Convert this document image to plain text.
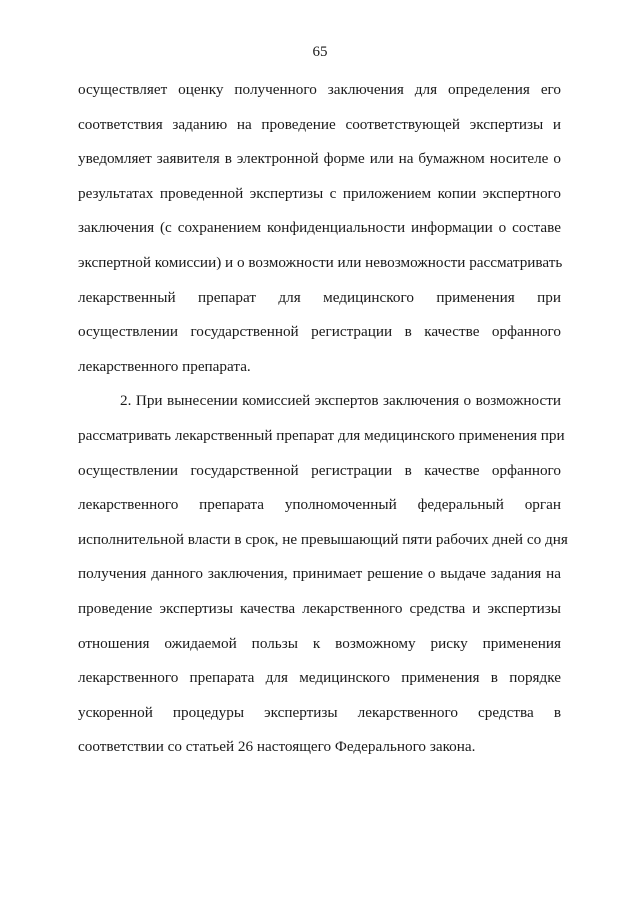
65
осуществляет оценку полученного заключения для определения его
соответствия заданию на проведение соответствующей экспертизы и
уведомляет заявителя в электронной форме или на бумажном носителе о
результатах проведенной экспертизы с приложением копии экспертного
заключения (с сохранением конфиденциальности информации о составе
экспертной комиссии) и о возможности или невозможности рассматривать
лекарственный препарат для медицинского применения при
осуществлении государственной регистрации в качестве орфанного
лекарственного препарата.
2. При вынесении комиссией экспертов заключения о возможности
рассматривать лекарственный препарат для медицинского применения при
осуществлении государственной регистрации в качестве орфанного
лекарственного препарата уполномоченный федеральный орган
исполнительной власти в срок, не превышающий пяти рабочих дней со дня
получения данного заключения, принимает решение о выдаче задания на
проведение экспертизы качества лекарственного средства и экспертизы
отношения ожидаемой пользы к возможному риску применения
лекарственного препарата для медицинского применения в порядке
ускоренной процедуры экспертизы лекарственного средства в
соответствии со статьей 26 настоящего Федерального закона.
